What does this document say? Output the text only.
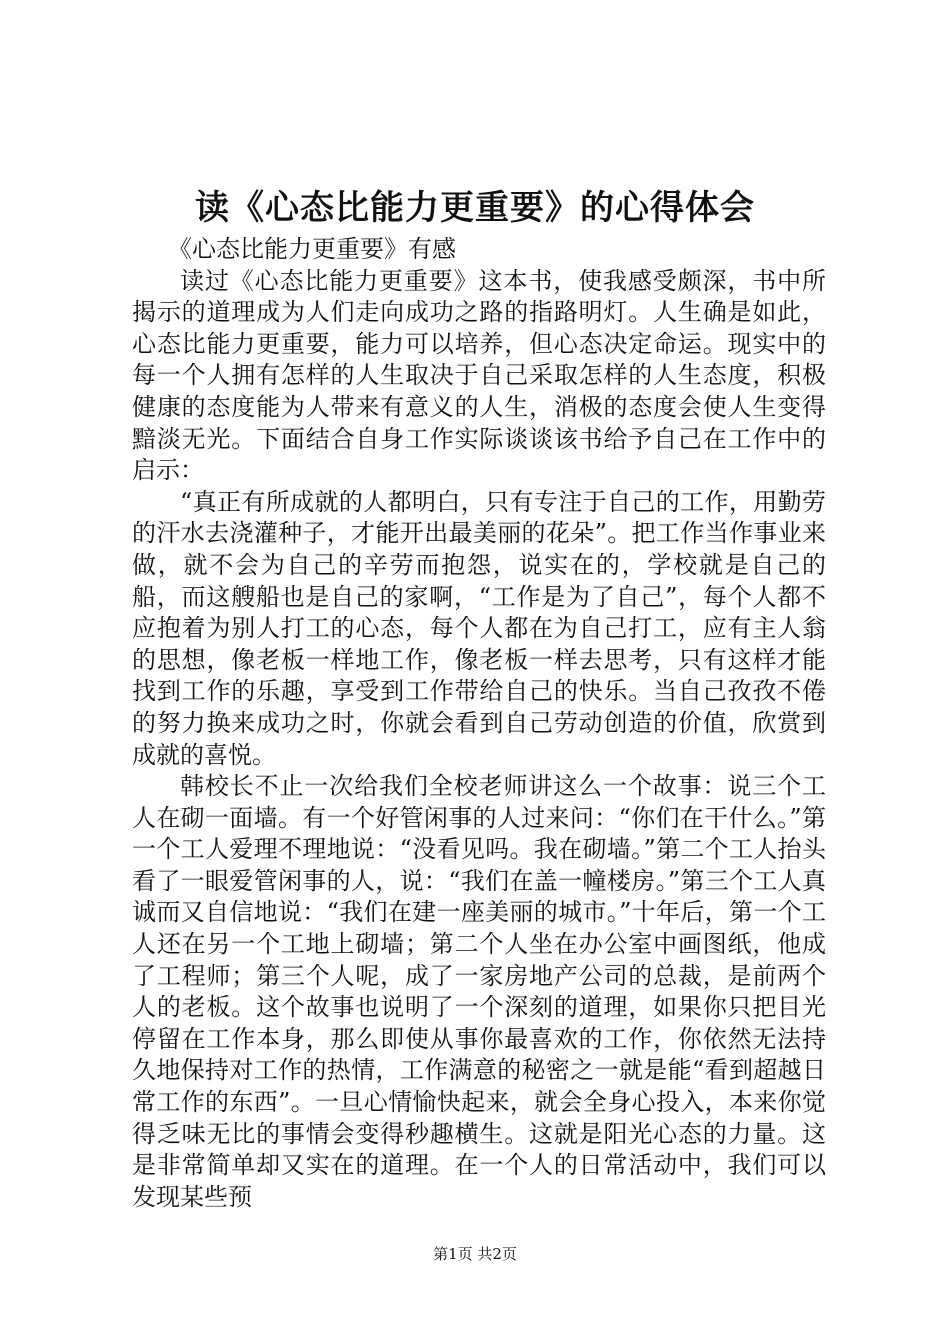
读《心态比能力更重要》的心得体会

《心态比能力更重要》有感

读过《心态比能力更重要》这本书，使我感受颇深，书中所揭示的道理成为人们走向成功之路的指路明灯。人生确是如此，心态比能力更重要，能力可以培养，但心态决定命运。现实中的每一个人拥有怎样的人生取决于自己采取怎样的人生态度，积极健康的态度能为人带来有意义的人生，消极的态度会使人生变得黯淡无光。下面结合自身工作实际谈谈该书给予自己在工作中的启示：

“真正有所成就的人都明白，只有专注于自己的工作，用勤劳的汗水去浇灌种子，才能开出最美丽的花朵”。把工作当作事业来做，就不会为自己的辛劳而抱怨，说实在的，学校就是自己的船，而这艘船也是自己的家啊，“工作是为了自己”，每个人都不应抱着为别人打工的心态，每个人都在为自己打工，应有主人翁的思想，像老板一样地工作，像老板一样去思考，只有这样才能找到工作的乐趣，享受到工作带给自己的快乐。当自己孜孜不倦的努力换来成功之时，你就会看到自己劳动创造的价值，欣赏到成就的喜悦。

韩校长不止一次给我们全校老师讲这么一个故事：说三个工人在砌一面墙。有一个好管闲事的人过来问：“你们在干什么。”第一个工人爱理不理地说：“没看见吗。我在砌墙。”第二个工人抬头看了一眼爱管闲事的人，说：“我们在盖一幢楼房。”第三个工人真诚而又自信地说：“我们在建一座美丽的城市。”十年后，第一个工人还在另一个工地上砌墙；第二个人坐在办公室中画图纸，他成了工程师；第三个人呢，成了一家房地产公司的总裁，是前两个人的老板。这个故事也说明了一个深刻的道理，如果你只把目光停留在工作本身，那么即使从事你最喜欢的工作，你依然无法持久地保持对工作的热情，工作满意的秘密之一就是能“看到超越日常工作的东西”。一旦心情愉快起来，就会全身心投入，本来你觉得乏味无比的事情会变得秒趣横生。这就是阳光心态的力量。这是非常简单却又实在的道理。在一个人的日常活动中，我们可以发现某些预

第1页 共2页
